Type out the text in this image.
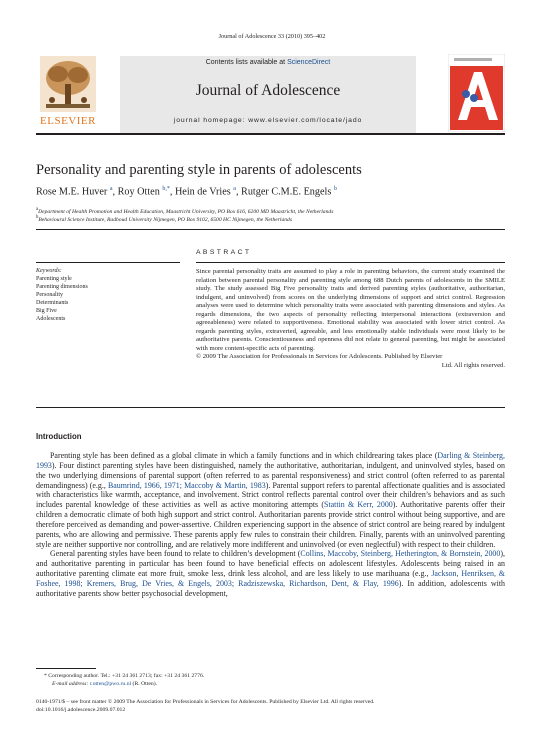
Journal of Adolescence 33 (2010) 395–402
ELSEVIER
Contents lists available at ScienceDirect
Journal of Adolescence
journal homepage: www.elsevier.com/locate/jado
Personality and parenting style in parents of adolescents
Rose M.E. Huver $^a$, Roy Otten $^{b,*}$, Hein de Vries $^a$, Rutger C.M.E. Engels $^b$
$^a$Department of Health Promotion and Health Education, Maastricht University, PO Box 616, 6200 MD Maastricht, the Netherlands
$^b$Behavioural Science Institute, Radboud University Nijmegen, PO Box 9102, 6500 HC Nijmegen, the Netherlands
ABSTRACT
Keywords:
Parenting style
Parenting dimensions
Personality
Determinants
Big Five
Adolescents

Since parental personality traits are assumed to play a role in parenting behaviors, the current study examined the relation between parental personality and parenting style among 688 Dutch parents of adolescents in the SMILE study. The study assessed Big Five personality traits and derived parenting styles (authoritative, authoritarian, indulgent, and uninvolved) from scores on the underlying dimensions of support and strict control. Regression analyses were used to determine which personality traits were associated with parenting dimensions and styles. As regards dimensions, the two aspects of personality reflecting interpersonal interactions (extraversion and agreeableness) were related to supportiveness. Emotional stability was associated with lower strict control. As regards parenting styles, extraverted, agreeable, and less emotionally stable individuals were most likely to be authoritative parents. Conscientiousness and openness did not relate to general parenting, but might be associated with more content-specific acts of parenting.

© 2009 The Association for Professionals in Services for Adolescents. Published by Elsevier

Ltd. All rights reserved.

Introduction

Parenting style has been defined as a global climate in which a family functions and in which childrearing takes place (Darling & Steinberg, 1993). Four distinct parenting styles have been distinguished, namely the authoritative, authoritarian, indulgent, and uninvolved styles, based on the two underlying dimensions of parental support (often referred to as parental responsiveness) and strict control (often referred to as parental demandingness) (e.g., Baumrind, 1966, 1971; Maccoby & Martin, 1983). Parental support refers to parental affectionate qualities and is associated with characteristics like warmth, acceptance, and involvement. Strict control reflects parental control over their children’s behaviors and as such includes parental knowledge of these activities as well as active monitoring attempts (Stattin & Kerr, 2000). Authoritative parents offer their children a democratic climate of both high support and strict control. Authoritarian parents provide strict control without being supportive, and are therefore perceived as demanding and power-assertive. Children experiencing support in the absence of strict control are being reared by indulgent parents, who are allowing and permissive. These parents apply few rules to constrain their children. Finally, parents with an uninvolved parenting style are neither supportive nor controlling, and are relatively more indifferent and uninvolved (or even neglectful) with respect to their children.

General parenting styles have been found to relate to children’s development (Collins, Maccoby, Steinberg, Hetherington, & Bornstein, 2000), and authoritative parenting in particular has been found to have beneficial effects on adolescent lifestyles. Adolescents being raised in an authoritative parenting climate eat more fruit, smoke less, drink less alcohol, and are less likely to use marihuana (e.g., Jackson, Henriksen, & Foshee, 1998; Kremers, Brug, De Vries, & Engels, 2003; Radziszewska, Richardson, Dent, & Flay, 1996). In addition, adolescents with authoritative parents show better psychosocial development,

* Corresponding author. Tel.: +31 24 361 2713; fax: +31 24 361 2776.
E-mail address: r.otten@pwo.ru.nl (R. Otten).
0140-1971/$ – see front matter © 2009 The Association for Professionals in Services for Adolescents. Published by Elsevier Ltd. All rights reserved.
doi:10.1016/j.adolescence.2009.07.012
